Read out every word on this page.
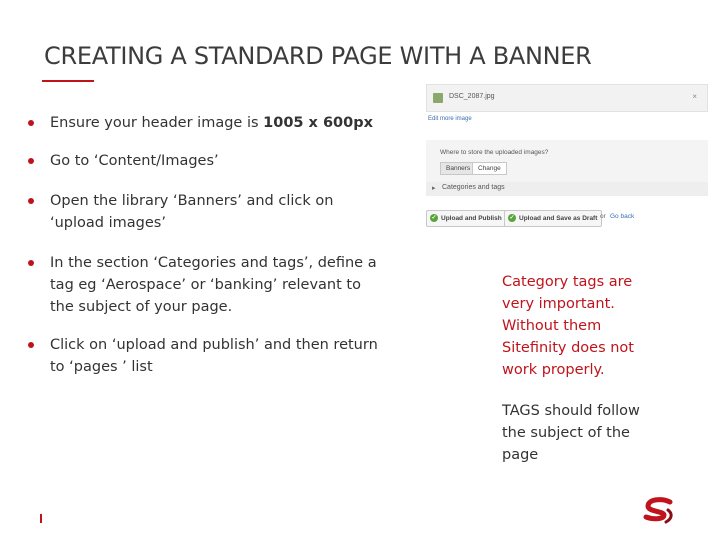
CREATING A STANDARD PAGE WITH A BANNER
Ensure your header image is 1005 x 600px
Go to ‘Content/Images’
Open the library ‘Banners’ and click on ‘upload images’
In the section ‘Categories and tags’, define a tag eg ‘Aerospace’ or ‘banking’ relevant to the subject of your page.
Click on ‘upload and publish’ and then return to ‘pages ’ list
DSC_2087.jpg	×
Edit more image
Where to store the uploaded images?
Banners	Change
▸ Categories and tags
✓ Upload and Publish	✓ Upload and Save as Draft or Go back
Category tags are very important. Without them Sitefinity does not work properly.
TAGS should follow the subject of the page
